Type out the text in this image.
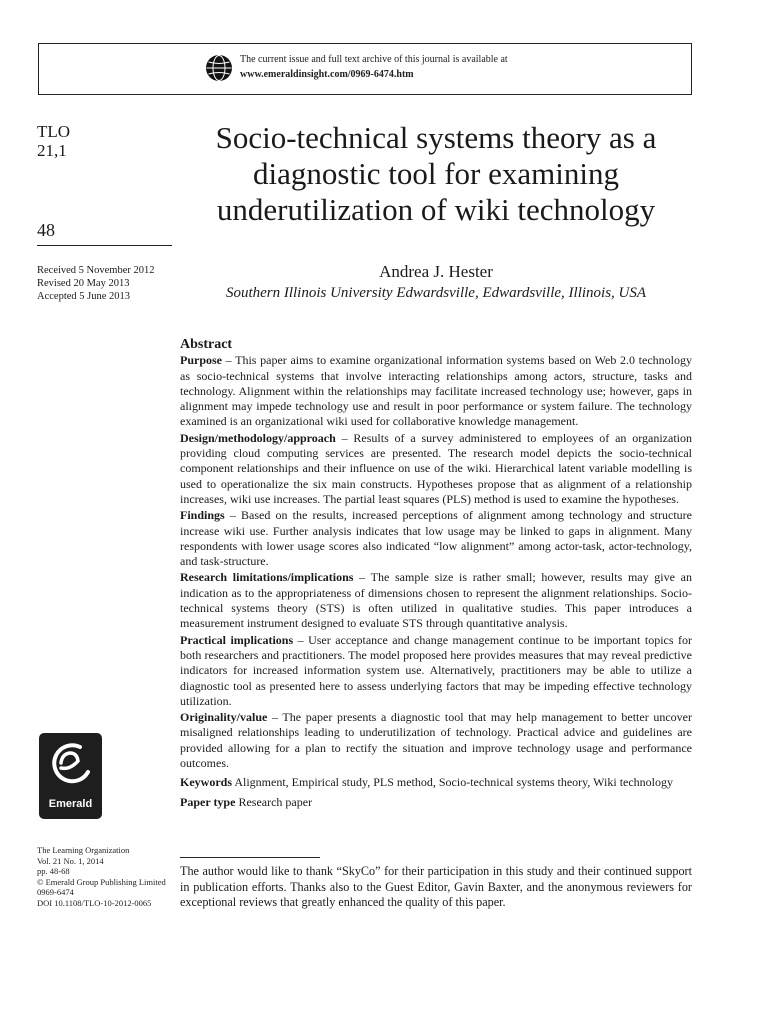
The current issue and full text archive of this journal is available at
www.emeraldinsight.com/0969-6474.htm
TLO
21,1
48
Received 5 November 2012
Revised 20 May 2013
Accepted 5 June 2013
Socio-technical systems theory as a diagnostic tool for examining underutilization of wiki technology
Andrea J. Hester
Southern Illinois University Edwardsville, Edwardsville, Illinois, USA
Abstract

Purpose – This paper aims to examine organizational information systems based on Web 2.0 technology as socio-technical systems that involve interacting relationships among actors, structure, tasks and technology. Alignment within the relationships may facilitate increased technology use; however, gaps in alignment may impede technology use and result in poor performance or system failure. The technology examined is an organizational wiki used for collaborative knowledge management.

Design/methodology/approach – Results of a survey administered to employees of an organization providing cloud computing services are presented. The research model depicts the socio-technical component relationships and their influence on use of the wiki. Hierarchical latent variable modelling is used to operationalize the six main constructs. Hypotheses propose that as alignment of a relationship increases, wiki use increases. The partial least squares (PLS) method is used to examine the hypotheses.

Findings – Based on the results, increased perceptions of alignment among technology and structure increase wiki use. Further analysis indicates that low usage may be linked to gaps in alignment. Many respondents with lower usage scores also indicated “low alignment” among actor-task, actor-technology, and task-structure.

Research limitations/implications – The sample size is rather small; however, results may give an indication as to the appropriateness of dimensions chosen to represent the alignment relationships. Socio-technical systems theory (STS) is often utilized in qualitative studies. This paper introduces a measurement instrument designed to evaluate STS through quantitative analysis.

Practical implications – User acceptance and change management continue to be important topics for both researchers and practitioners. The model proposed here provides measures that may reveal predictive indicators for increased information system use. Alternatively, practitioners may be able to utilize a diagnostic tool as presented here to assess underlying factors that may be impeding effective technology utilization.

Originality/value – The paper presents a diagnostic tool that may help management to better uncover misaligned relationships leading to underutilization of technology. Practical advice and guidelines are provided allowing for a plan to rectify the situation and improve technology usage and performance outcomes.

Keywords Alignment, Empirical study, PLS method, Socio-technical systems theory, Wiki technology

Paper type Research paper

Emerald
The Learning Organization
Vol. 21 No. 1, 2014
pp. 48-68
© Emerald Group Publishing Limited
0969-6474
DOI 10.1108/TLO-10-2012-0065

The author would like to thank “SkyCo” for their participation in this study and their continued support in publication efforts. Thanks also to the Guest Editor, Gavin Baxter, and the anonymous reviewers for exceptional reviews that greatly enhanced the quality of this paper.
